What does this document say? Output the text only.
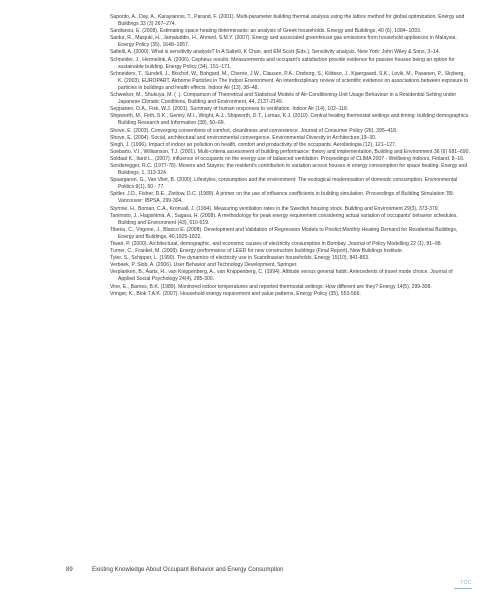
Saporito, A., Day, A., Karayiannis, T., Parand, F. (2001). Multi-parameter building thermal analysis using the lattice method for global optimization, Energy and Buildings 33 (3) 267–274.
Sardianou, E. (2008). Estimating space heating determinants: an analysis of Greek households. Energy and Buildings, 40 (6), 1084–1093.
Saidur, R., Masjuki, H., Jamaluddin, H., Ahmed, S.M.Y. (2007). Energy and associated greenhouse gas emissions from household appliances in Malaysia. Energy Policy (35), 1648–1657.
Saltelli, A. (2000). What is sensitivity analysis? In A Saltelli, K Chan, and EM Scott (Eds.), Sensitivity analysis. New York: John Wiley & Sons, 3–14.
Schneider, J., Hermelink, A. (2006). Cepheus results: Measurements and occupant's satisfaction provide evidence for passive houses being an option for sustainable building. Energy Policy (34), 151–171.
Schneiders, T., Sundell, J., Bischof, W., Bohgard, M., Cherrie, J.W., Clausen, P.A., Dreborg, S., Kildeso, J., Kjaergaard, S.K., Lovik, M., Pasanen, P., Skyberg, K. (2003). EUROPART. Airborne Particles in The Indoor Environment. An interdisciplinary review of scientific evidence on associations between exposure to particles in buildings and health effects. Indoor Air (13), 38–48.
Schweiker, M., Shukuya, M. ( .). Comparison of Theoretical and Statistical Models of Air-Conditioning-Unit Usage Behaviour in a Residential Setting under Japanese Climatic Conditions, Building and Environment, 44, 2137-2149.
Seppanen, O.A., Fisk, W.J. (2001). Summary of human responses to ventilation. Indoor Air (14), 102–118.
Shipworth, M., Firth, S.K., Gentry, M.I., Wright, A.J., Shipworth, D.T., Lomas, K.J. (2010). Central heating thermostat settings and timing: building demographics. Building Research and Information (38), 50–69.
Shove, E. (2003). Converging conventions of comfort, cleanliness and convenience. Journal of Consumer Policy (26), 395–418.
Shove, E. (2004). Social, architectural and environmental convergence, Environmental Diversity in Architecture,19–30.
Singh, J. (1996). Impact of indoor air pollution on health, comfort and productivity of the occupants. Aerobiologia (12), 121–127.
Soebarto, V.I., Williamson, T.J. (2001). Multi-criteria assessment of building performance: theory and implementation, Building and Environment 36 (6) 681–690.
Soldaat K., Itard L., (2007). Influence of occupants on the energy use of balanced ventilation. Proceedings of CLIMA 2007 - Wellbeing Indoors, Finland, 8–16.
Sonderegger, R.C. (1977-78). Movers and Stayers: the resident's contribution to variation across houses in energy consumption for space heating. Energy and Buildings, 1, 313-324.
Spaargaren, G., Van Vliet, B. (2000). Lifestyles, consumption and the environment: The ecological modernisation of domestic consumption. Environmental Politics 9(1), 50 - 77.
Spitler, J.D., Fisher, D.E., Zietlow, D.C. (1989). A primer on the use of influence coefficients in building simulation. Proceedings of Building Simulation '89. Vancouver: IBPSA, 299-304.
Stymne, H., Boman, C.A., Kronvall, J. (1994). Measuring ventilation rates in the Swedish housing stock. Building and Environment 29(3), 373-379.
Tanimoto, J., Hagishima, A., Sagara, H. (2008). A methodology for peak energy requirement considering actual variation of occupants' behavior schedules. Building and Environment (43), 610-619.
Tiberiu, C., Virgone, J., Blanco E. (2008). Development and Validation of Regression Models to Predict Monthly Heating Demand for Residential Buildings, Energy and Buildings, 40,1825-1832.
Tiwari, P. (2000). Architectural, demographic, and economic causes of electricity consumption in Bombay. Journal of Policy Modelling 22 (1), 81–98.
Turner, C., Frankel, M. (2008). Energy performance of LEED for new construction buildings (Final Report), New Buildings Institute.
Tyler, S., Schipper, L. (1990). The dynamics of electricity use in Scandinavian households. Energy 15(10), 841-863.
Verbeek, P. Slob, A. (2006). User Behavior and Technology Development, Springer.
Verplanken, B., Aarts, H., van Knippenberg, A., van Knippenberg, C. (1994). Attitude versus general habit: Antecedents of travel mode choice. Journal of Applied Social Psychology 24(4), 285-300.
Vine, E., Barnes, B.K. (1989). Monitored indoor temperatures and reported thermostat settings: How different are they? Energy 14(5), 299-308.
Vringer, K., Blok T.A.K. (2007). Household energy requirement and value patterns, Energy Policy (35), 553-566.
89	Existing Knowledge About Occupant Behavior and Energy Consumption
TOC
